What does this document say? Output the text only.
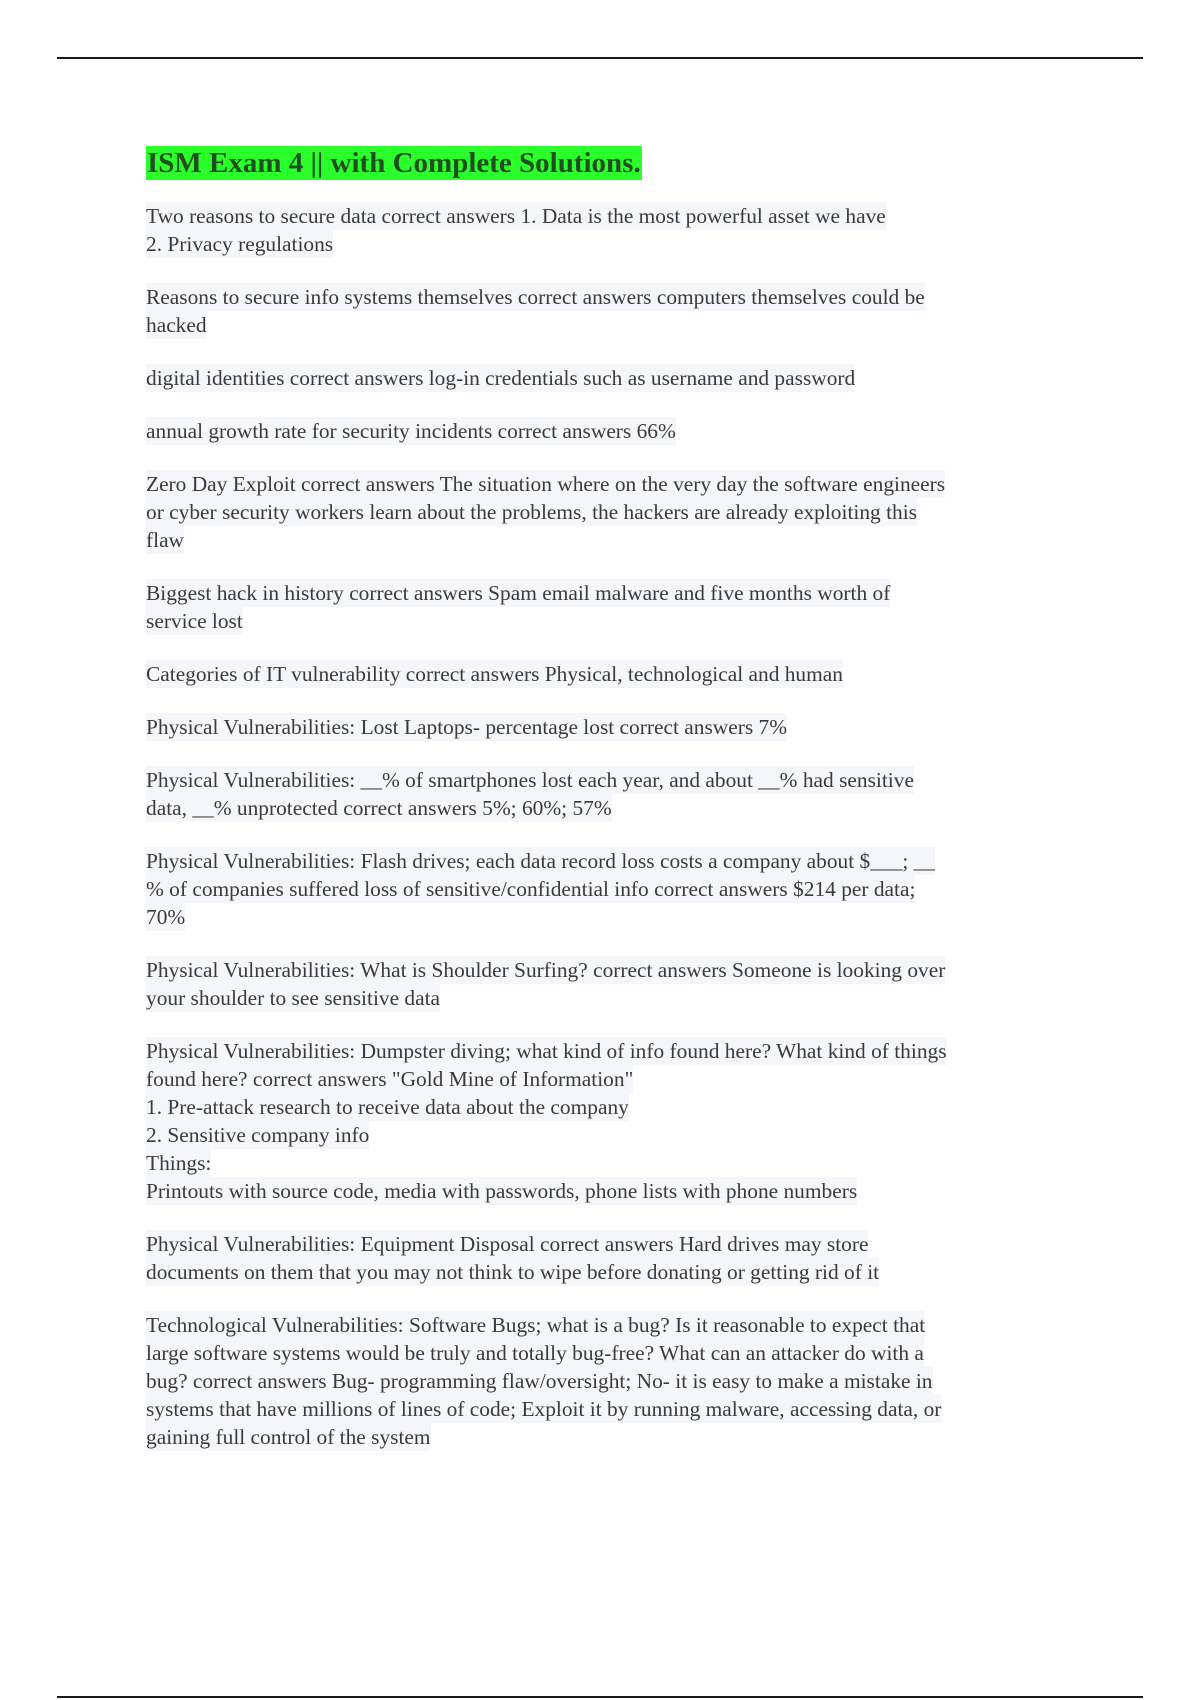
ISM Exam 4 || with Complete Solutions.

Two reasons to secure data correct answers 1. Data is the most powerful asset we have
2. Privacy regulations

Reasons to secure info systems themselves correct answers computers themselves could be
hacked

digital identities correct answers log-in credentials such as username and password

annual growth rate for security incidents correct answers 66%

Zero Day Exploit correct answers The situation where on the very day the software engineers
or cyber security workers learn about the problems, the hackers are already exploiting this
flaw

Biggest hack in history correct answers Spam email malware and five months worth of
service lost

Categories of IT vulnerability correct answers Physical, technological and human

Physical Vulnerabilities: Lost Laptops- percentage lost correct answers 7%

Physical Vulnerabilities: __% of smartphones lost each year, and about __% had sensitive
data, __% unprotected correct answers 5%; 60%; 57%

Physical Vulnerabilities: Flash drives; each data record loss costs a company about $___; __
% of companies suffered loss of sensitive/confidential info correct answers $214 per data;
70%

Physical Vulnerabilities: What is Shoulder Surfing? correct answers Someone is looking over
your shoulder to see sensitive data

Physical Vulnerabilities: Dumpster diving; what kind of info found here? What kind of things
found here? correct answers "Gold Mine of Information"
1. Pre-attack research to receive data about the company
2. Sensitive company info
Things:
Printouts with source code, media with passwords, phone lists with phone numbers

Physical Vulnerabilities: Equipment Disposal correct answers Hard drives may store
documents on them that you may not think to wipe before donating or getting rid of it

Technological Vulnerabilities: Software Bugs; what is a bug? Is it reasonable to expect that
large software systems would be truly and totally bug-free? What can an attacker do with a
bug? correct answers Bug- programming flaw/oversight; No- it is easy to make a mistake in
systems that have millions of lines of code; Exploit it by running malware, accessing data, or
gaining full control of the system
